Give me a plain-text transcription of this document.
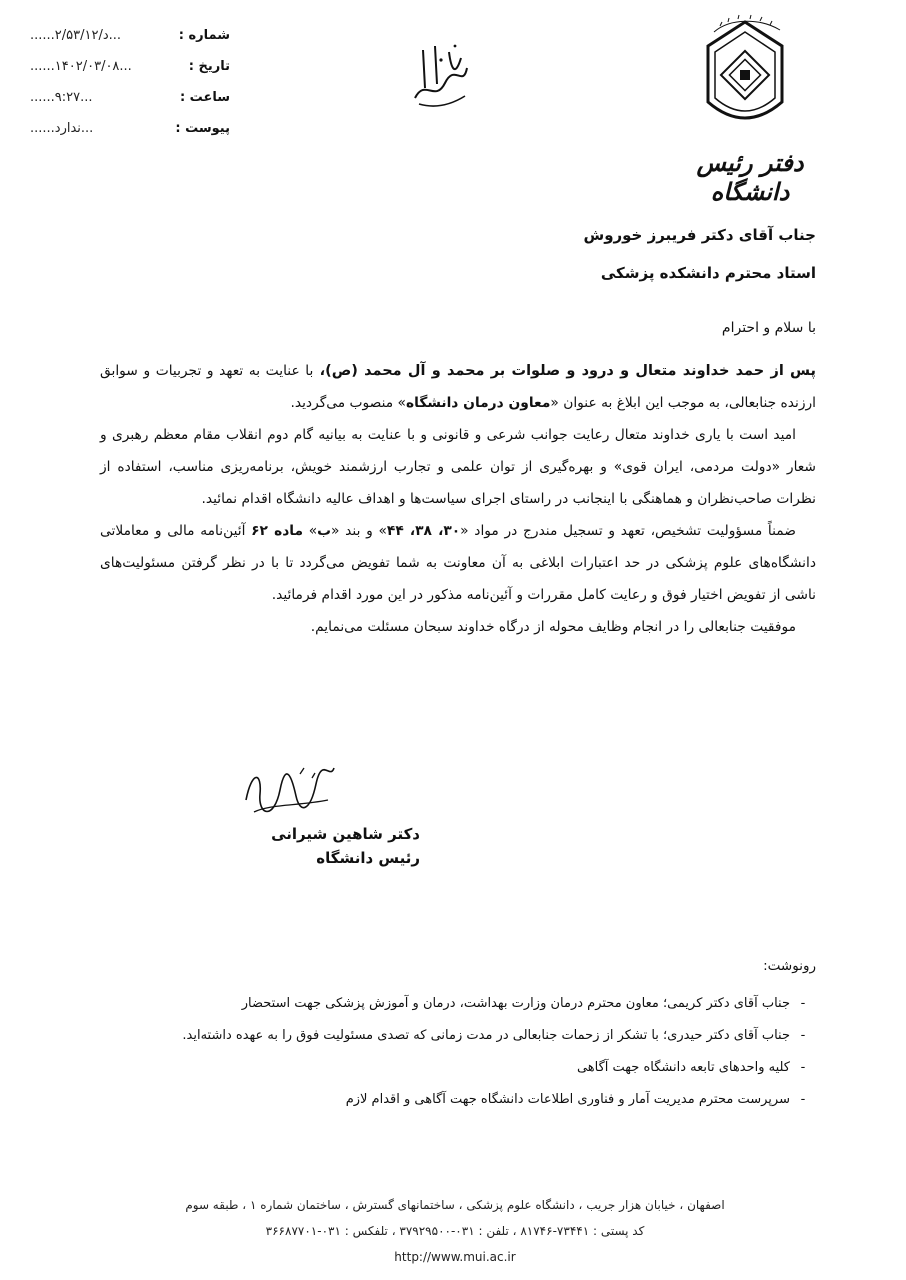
شماره :
......د/۲/۵۳/۱۲...
تاریخ :
......۱۴۰۲/۰۳/۰۸...
ساعت :
......۹:۲۷...
پیوست :
......ندارد...
دفتر رئیس دانشگاه
جناب آقای دکتر فریبرز خوروش
استاد محترم دانشکده پزشکی
با سلام و احترام

پس از حمد خداوند متعال و درود و صلوات بر محمد و آل محمد (ص)، با عنایت به تعهد و تجربیات و سوابق ارزنده جنابعالی، به موجب این ابلاغ به عنوان «معاون درمان دانشگاه» منصوب می‌گردید.

امید است با یاری خداوند متعال رعایت جوانب شرعی و قانونی و با عنایت به بیانیه گام دوم انقلاب مقام معظم رهبری و شعار «دولت مردمی، ایران قوی» و بهره‌گیری از توان علمی و تجارب ارزشمند خویش، برنامه‌ریزی مناسب، استفاده از نظرات صاحب‌نظران و هماهنگی با اینجانب در راستای اجرای سیاست‌ها و اهداف عالیه دانشگاه اقدام نمائید.

ضمناً مسؤولیت تشخیص، تعهد و تسجیل مندرج در مواد «۳۰، ۳۸، ۴۴» و بند «ب» ماده ۶۲ آئین‌نامه مالی و معاملاتی دانشگاه‌های علوم پزشکی در حد اعتبارات ابلاغی به آن معاونت به شما تفویض می‌گردد تا با در نظر گرفتن مسئولیت‌های ناشی از تفویض اختیار فوق و رعایت کامل مقررات و آئین‌نامه مذکور در این مورد اقدام فرمائید.

موفقیت جنابعالی را در انجام وظایف محوله از درگاه خداوند سبحان مسئلت می‌نمایم.

دکتر شاهین شیرانی
رئیس دانشگاه
رونوشت:
-
جناب آقای دکتر کریمی؛ معاون محترم درمان وزارت بهداشت، درمان و آموزش پزشکی جهت استحضار
-
جناب آقای دکتر حیدری؛ با تشکر از زحمات جنابعالی در مدت زمانی که تصدی مسئولیت فوق را به عهده داشته‌اید.
-
کلیه واحدهای تابعه دانشگاه جهت آگاهی
-
سرپرست محترم مدیریت آمار و فناوری اطلاعات دانشگاه جهت آگاهی و اقدام لازم
اصفهان ، خیابان هزار جریب ، دانشگاه علوم پزشکی ، ساختمانهای گسترش ، ساختمان شماره ۱ ، طبقه سوم
کد پستی : ۷۳۴۴۱-۸۱۷۴۶ ، تلفن : ۰۳۱-۳۷۹۲۹۵۰۰ ، تلفکس : ۰۳۱-۳۶۶۸۷۷۰۱
http://www.mui.ac.ir
